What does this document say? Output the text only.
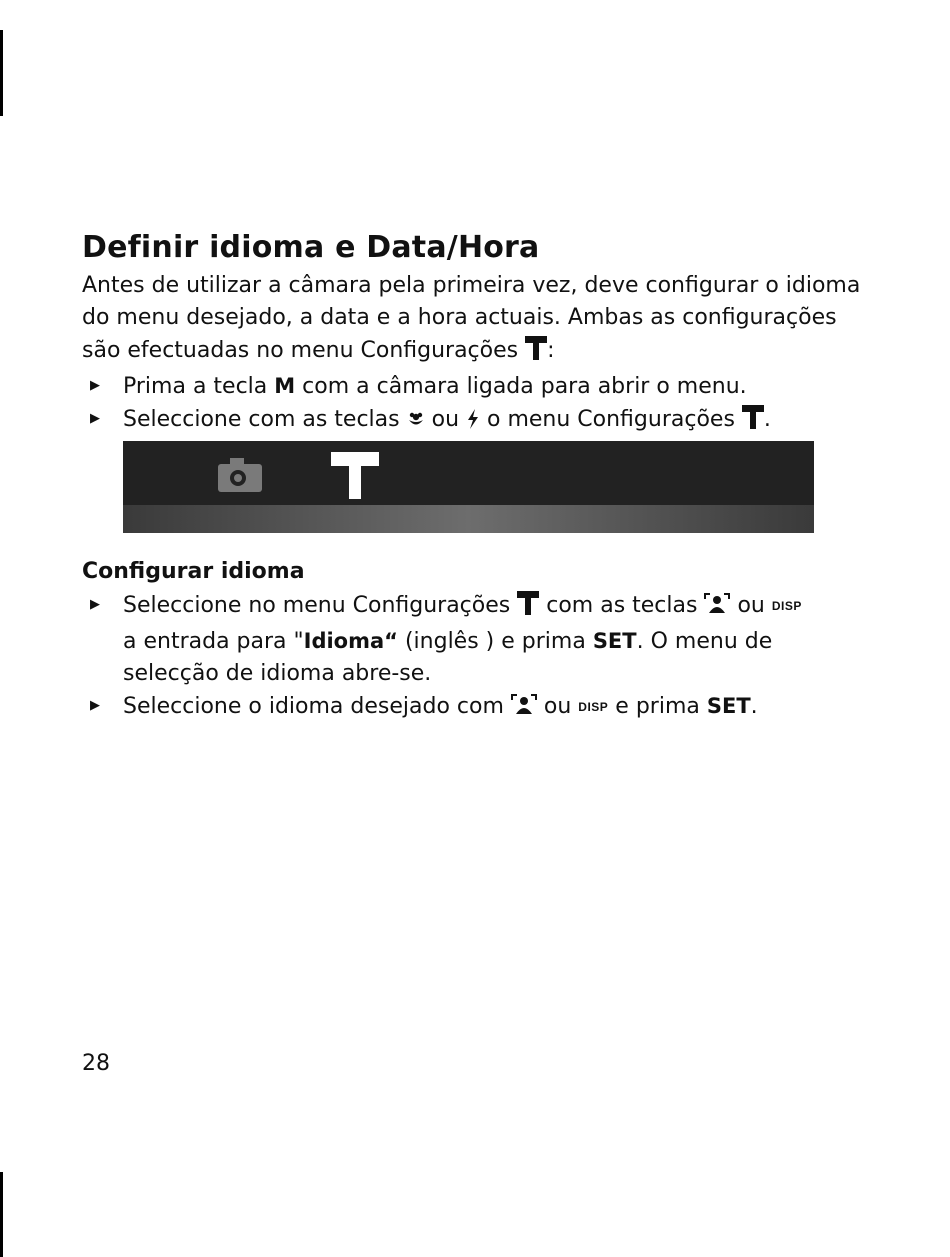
Definir idioma e Data/Hora

Antes de utilizar a câmara pela primeira vez, deve configurar o idioma do menu desejado, a data e a hora actuais. Ambas as configurações são efectuadas no menu Configurações :

▶ Prima a tecla M com a câmara ligada para abrir o menu.
▶ Seleccione com as teclas  ou  o menu Configurações .
Configurar idioma
▶ Seleccione no menu Configurações  com as teclas  ou DISP
a entrada para "Idioma“ (inglês ) e prima SET. O menu de selecção de idioma abre-se.
▶ Seleccione o idioma desejado com  ou DISP e prima SET.
28
